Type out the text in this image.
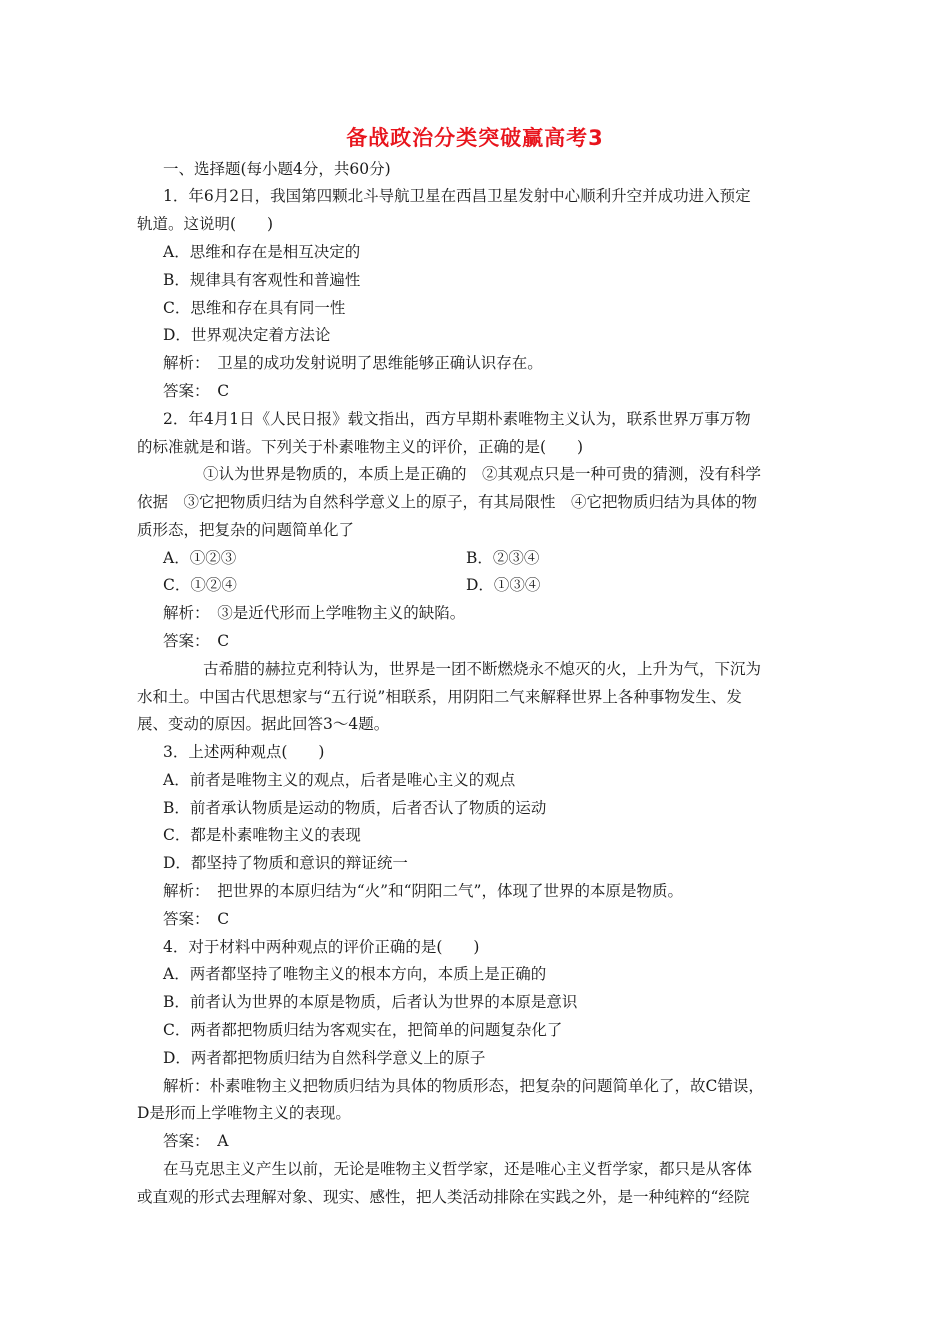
备战政治分类突破赢高考3
一、选择题(每小题4分，共60分)
1．年6月2日，我国第四颗北斗导航卫星在西昌卫星发射中心顺利升空并成功进入预定
轨道。这说明(　　)
A．思维和存在是相互决定的
B．规律具有客观性和普遍性
C．思维和存在具有同一性
D．世界观决定着方法论
解析：　卫星的成功发射说明了思维能够正确认识存在。
答案：　C
2．年4月1日《人民日报》载文指出，西方早期朴素唯物主义认为，联系世界万事万物
的标准就是和谐。下列关于朴素唯物主义的评价，正确的是(　　)
①认为世界是物质的，本质上是正确的　②其观点只是一种可贵的猜测，没有科学
依据　③它把物质归结为自然科学意义上的原子，有其局限性　④它把物质归结为具体的物
质形态，把复杂的问题简单化了
A．①②③	B．②③④
C．①②④	D．①③④
解析：　③是近代形而上学唯物主义的缺陷。
答案：　C
古希腊的赫拉克利特认为，世界是一团不断燃烧永不熄灭的火，上升为气，下沉为
水和土。中国古代思想家与“五行说”相联系，用阴阳二气来解释世界上各种事物发生、发
展、变动的原因。据此回答3～4题。
3．上述两种观点(　　)
A．前者是唯物主义的观点，后者是唯心主义的观点
B．前者承认物质是运动的物质，后者否认了物质的运动
C．都是朴素唯物主义的表现
D．都坚持了物质和意识的辩证统一
解析：　把世界的本原归结为“火”和“阴阳二气”，体现了世界的本原是物质。
答案：　C
4．对于材料中两种观点的评价正确的是(　　)
A．两者都坚持了唯物主义的根本方向，本质上是正确的
B．前者认为世界的本原是物质，后者认为世界的本原是意识
C．两者都把物质归结为客观实在，把简单的问题复杂化了
D．两者都把物质归结为自然科学意义上的原子
解析：朴素唯物主义把物质归结为具体的物质形态，把复杂的问题简单化了，故C错误，
D是形而上学唯物主义的表现。
答案：　A
在马克思主义产生以前，无论是唯物主义哲学家，还是唯心主义哲学家，都只是从客体
或直观的形式去理解对象、现实、感性，把人类活动排除在实践之外，是一种纯粹的“经院
